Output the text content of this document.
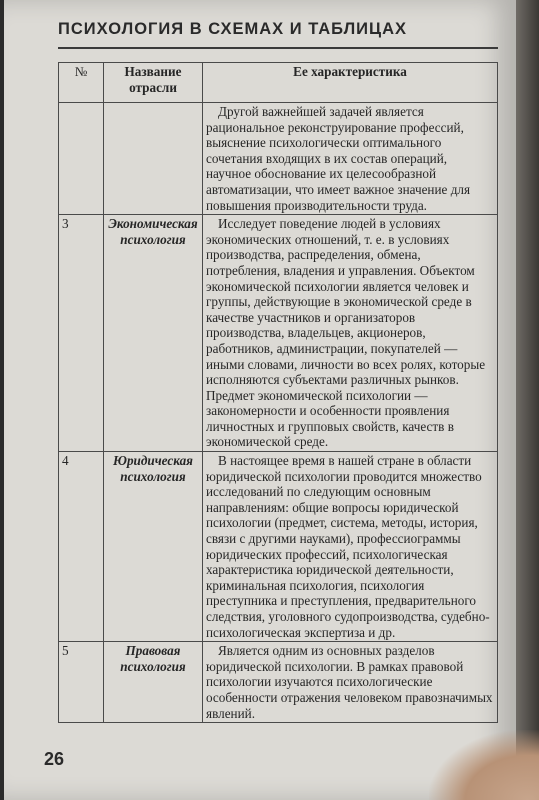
ПСИХОЛОГИЯ В СХЕМАХ И ТАБЛИЦАХ
№	Название отрасли	Ее характеристика

		Другой важнейшей задачей является рациональное реконструирование профессий, выяснение психологически оптимального сочетания входящих в их состав операций, научное обоснование их целесообразной автоматизации, что имеет важное значение для повышения производительности труда.

3	Экономическая психология	Исследует поведение людей в условиях экономических отношений, т. е. в условиях производства, распределения, обмена, потребления, владения и управления. Объектом экономической психологии является человек и группы, действующие в экономической среде в качестве участников и организаторов производства, владельцев, акционеров, работников, администрации, покупателей — иными словами, личности во всех ролях, которые исполняются субъектами различных рынков. Предмет экономической психологии — закономерности и особенности проявления личностных и групповых свойств, качеств в экономической среде.

4	Юридическая психология	В настоящее время в нашей стране в области юридической психологии проводится множество исследований по следующим основным направлениям: общие вопросы юридической психологии (предмет, система, методы, история, связи с другими науками), профессиограммы юридических профессий, психологическая характеристика юридической деятельности, криминальная психология, психология преступника и преступления, предварительного следствия, уголовного судопроизводства, судебно-психологическая экспертиза и др.

5	Правовая психология	Является одним из основных разделов юридической психологии. В рамках правовой психологии изучаются психологические особенности отражения человеком правозначимых явлений.

26
